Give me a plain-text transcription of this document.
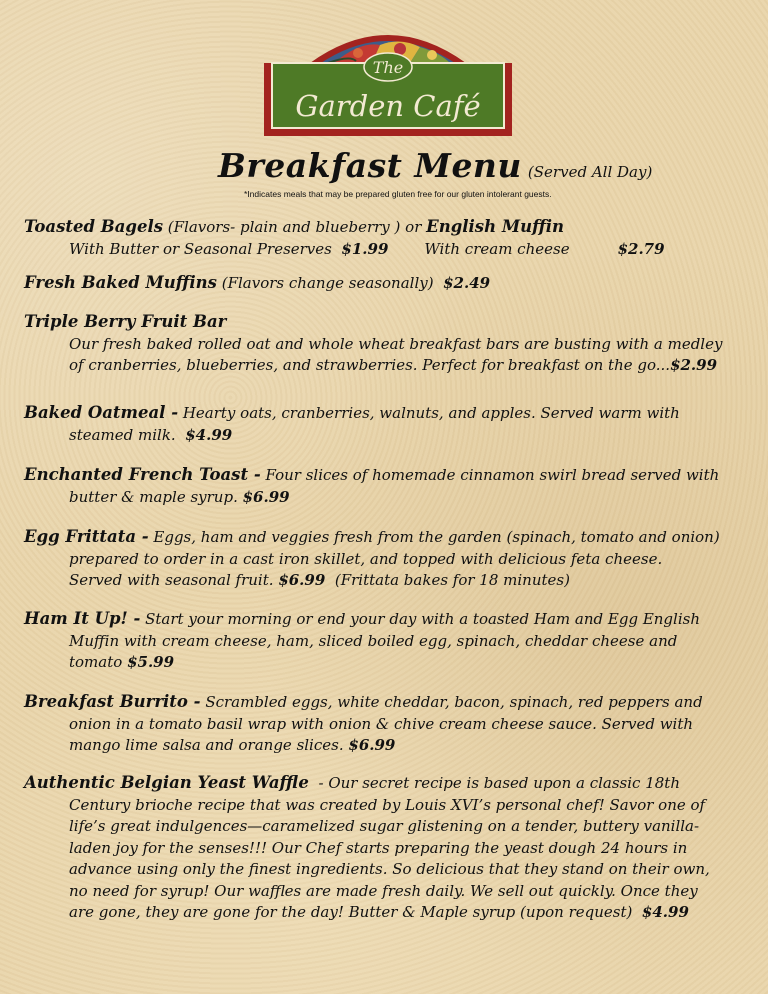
The
Garden Café
Breakfast Menu (Served All Day)
*Indicates meals that may be prepared gluten free for our gluten intolerant guests.
Toasted Bagels (Flavors- plain and blueberry ) or English Muffin
With Butter or Seasonal Preserves $1.99 With cream cheese	$2.79
Fresh Baked Muffins (Flavors change seasonally) $2.49
Triple Berry Fruit Bar
Our fresh baked rolled oat and whole wheat breakfast bars are busting with a medley
of cranberries, blueberries, and strawberries. Perfect for breakfast on the go...$2.99
Baked Oatmeal - Hearty oats, cranberries, walnuts, and apples. Served warm with
steamed milk. $4.99
Enchanted French Toast - Four slices of homemade cinnamon swirl bread served with
butter & maple syrup. $6.99
Egg Frittata - Eggs, ham and veggies fresh from the garden (spinach, tomato and onion)
prepared to order in a cast iron skillet, and topped with delicious feta cheese.
Served with seasonal fruit. $6.99 (Frittata bakes for 18 minutes)
Ham It Up! - Start your morning or end your day with a toasted Ham and Egg English
Muffin with cream cheese, ham, sliced boiled egg, spinach, cheddar cheese and
tomato $5.99
Breakfast Burrito - Scrambled eggs, white cheddar, bacon, spinach, red peppers and
onion in a tomato basil wrap with onion & chive cream cheese sauce. Served with
mango lime salsa and orange slices. $6.99
Authentic Belgian Yeast Waffle - Our secret recipe is based upon a classic 18th
Century brioche recipe that was created by Louis XVI’s personal chef! Savor one of
life’s great indulgences—caramelized sugar glistening on a tender, buttery vanilla-
laden joy for the senses!!! Our Chef starts preparing the yeast dough 24 hours in
advance using only the finest ingredients. So delicious that they stand on their own,
no need for syrup! Our waffles are made fresh daily. We sell out quickly. Once they
are gone, they are gone for the day! Butter & Maple syrup (upon request) $4.99
